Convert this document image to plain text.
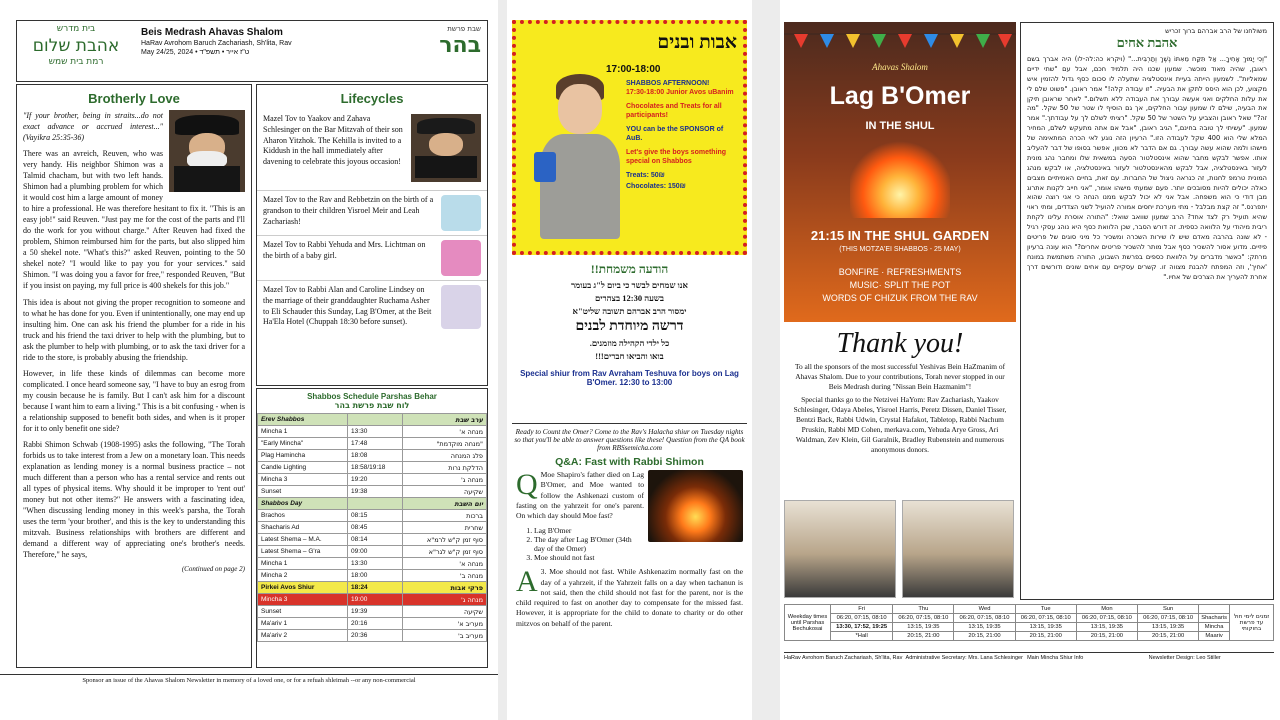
בית מדרש
אהבת שלום
רמת בית שמש
Beis Medrash Ahavas Shalom
HaRav Avrohom Baruch Zachariash, Sh'lita, Rav
May 24/25, 2024 • ט"ז אייר • תשפ"ד
שבת פרשת
בהר
Brotherly Love

"If your brother, being in straits...do not exact advance or accrued interest..." (Vayikra 25:35-36)

There was an avreich, Reuven, who was very handy. His neighbor Shimon was a Talmid chacham, but with two left hands. Shimon had a plumbing problem for which it would cost him a large amount of money to hire a professional. He was therefore hesitant to fix it. "This is an easy job!" said Reuven. "Just pay me for the cost of the parts and I'll do the work for you without charge." After Reuven had fixed the problem, Shimon reimbursed him for the parts, but also slipped him a 50 shekel note. "What's this?" asked Reuven, pointing to the 50 shekel note? "I would like to pay you for your services." said Shimon. "I was doing you a favor for free," responded Reuven, "But if you insist on paying, my full price is 400 shekels for this job."

This idea is about not giving the proper recognition to someone and to what he has done for you. Even if unintentionally, one may end up insulting him. One can ask his friend the plumber for a ride in his truck and his friend the taxi driver to help with the plumbing, but to ask the plumber to help with plumbing, or to ask the taxi driver for a ride to the store, is probably abusing the friendship.

However, in life these kinds of dilemmas can become more complicated. I once heard someone say, "I have to buy an esrog from my cousin because he is family. But I can't ask him for a discount because I want him to earn a living." This is a bit confusing - when is a relationship supposed to benefit both sides, and when is it proper for it to only benefit one side?

Rabbi Shimon Schwab (1908-1995) asks the following, "The Torah forbids us to take interest from a Jew on a monetary loan. This needs explanation as lending money is a normal business practice – not much different than a person who has a rental service and rents out all types of physical items. Why should it be improper to 'rent out' money but not other items?" He answers with a fascinating idea, "When discussing lending money in this week's parsha, the Torah uses the term 'your brother', and this is the key to understanding this mitzvah. Business relationships with brothers are different and demand a different way of appreciating one's brother's needs. Therefore," he says,

(Continued on page 2)

Lifecycles
Mazel Tov to Yaakov and Zahava Schlesinger on the Bar Mitzvah of their son Aharon Yitzhok. The Kehilla is invited to a Kiddush in the hall immediately after davening to celebrate this joyous occasion!
Mazel Tov to the Rav and Rebbetzin on the birth of a grandson to their children Yisroel Meir and Leah Zachariash!
Mazel Tov to Rabbi Yehuda and Mrs. Lichtman on the birth of a baby girl.
Mazel Tov to Rabbi Alan and Caroline Lindsey on the marriage of their granddaughter Ruchama Asher to Eli Schauder this Sunday, Lag B'Omer, at the Beit Ha'Ela Hotel (Chuppah 18:30 before sunset).
Shabbos Schedule Parshas Behar
לוח שבת פרשת בהר
Erev Shabbos		ערב שבת
Mincha 1	13:30	מנחה א'
"Early Mincha"	17:48	"מנחה מוקדמת"
Plag Hamincha	18:08	פלג המנחה
Candle Lighting	18:58/19:18	הדלקת נרות
Mincha 3	19:20	מנחה ג'
Sunset	19:38	שקיעה
Shabbos Day		יום השבת
Brachos	08:15	ברכות
Shacharis Ad	08:45	שחרית
Latest Shema – M.A.	08:14	סוף זמן ק"ש לרמ"א
Latest Shema – G'ra	09:00	סוף זמן ק"ש לגר"א
Mincha 1	13:30	מנחה א'
Mincha 2	18:00	מנחה ב'
Pirkei Avos Shiur	18:24	פרקי אבות
Mincha 3	19:00	מנחה ג'
Sunset	19:39	שקיעה
Ma'ariv 1	20:16	מעריב א'
Ma'ariv 2	20:36	מעריב ב'
Sponsor an issue of the Ahavas Shalom Newsletter in memory of a loved one, or for a refuah shleimah --or any non-commercial
אבות ובנים
17:00-18:00
SHABBOS AFTERNOON!
17:30-18:00 Junior Avos uBanim
Chocolates and Treats for all participants!
YOU can be the SPONSOR of AuB.
Let's give the boys something special on Shabbos
Treats: 50₪
Chocolates: 150₪
הודעה משמחת!!
אנו שמחים לבשר כי ביום ל"ג בעומר
בשעה 12:30 בצהרים
ימסור הרב אברהם תשובה שליט"א
דרשה מיוחדת לבנים
כל ילדי הקהילה מוזמנים.
בואו והביאו חברים!!!
Special shiur from Rav Avraham Teshuva for boys on Lag B'Omer. 12:30 to 13:00
Ready to Count the Omer? Come to the Rav's Halacha shiur on Tuesday nights so that you'll be able to answer questions like these! Question from the QA book from RBSsemicha.com
Q&A: Fast with Rabbi Shimon
Q Moe Shapiro's father died on Lag B'Omer, and Moe wanted to follow the Ashkenazi custom of fasting on the yahrzeit for one's parent. On which day should Moe fast?
1. Lag B'Omer
2. The day after Lag B'Omer (34th day of the Omer)
3. Moe should not fast
A 3. Moe should not fast. While Ashkenazim normally fast on the day of a yahrzeit, if the Yahrzeit falls on a day when tachanun is not said, then the child should not fast for the parent, nor is the child required to fast on another day to compensate for the missed fast. However, it is appropriate for the child to donate to charity or do other mitzvos on behalf of the parent.
Ahavas Shalom
Lag B'Omer
IN THE SHUL
21:15 IN THE SHUL GARDEN
(THIS MOTZA'EI SHABBOS - 25 MAY)
BONFIRE · REFRESHMENTS
MUSIC· SPLIT THE POT
WORDS OF CHIZUK FROM THE RAV
Thank you!
To all the sponsors of the most successful Yeshivas Bein HaZmanim of Ahavas Shalom. Due to your contributions, Torah never stopped in our Beis Medrash during "Nissan Bein Hazmanim"!
Special thanks go to the Netzivei HaYom: Rav Zachariash, Yaakov Schlesinger, Odaya Abeles, Yisroel Harris, Peretz Dissen, Daniel Tisser, Bentzi Back, Rabbi Udwin, Crystal Hafakot, Tabletop, Rabbi Nachum Pruskin, Rabbi MD Cohen, merkava.com, Yehuda Arye Gross, Ari Waldman, Zev Klein, Gil Garalnik, Bradley Rubenstein and numerous anonymous donors.
משולחנו של הרב אברהם ברוך זכריש
אהבת אחים
"וְכִי יָמוּךְ אָחִיךָ... אַל תִּקַּח מֵאִתּוֹ נֶשֶׁךְ וְתַרְבִּית..." (ויקרא כה:לה-לו) היה אברך בשם ראובן, שהיה מאוד מוכשר. שמעון שכנו היה תלמיד חכם, אבל עם "שתי ידיים שמאליות". לשמעון הייתה בעיית אינסטלציה שתעלה לו סכום כסף גדול להזמין איש מקצוע, לכן הוא היסס לתקן את הבעיה. "זו עבודה קלה!" אמר ראובן. "פשוט שלם לי את עלות החלקים ואני אעשה עבורך את העבודה ללא תשלום." לאחר שראובן תיקן את הבעיה, שילם לו שמעון עבור החלקים, אך גם הוסיף לו שטר של 50 שקל. "מה זה?" שאל ראובן והצביע על השטר של 50 שקל. "רציתי לשלם לך על עבודתך." אמר שמעון. "עשיתי לך טובה בחינם," הגיב ראובן, "אבל אם אתה מתעקש לשלם, המחיר המלא שלי הוא 400 שקל לעבודה הזו." הרעיון הזה נוגע לאי הכרה המתאימה של מישהו ולמה שהוא עשה עבורך. גם אם הדבר לא מכוון, אפשר בסופו של דבר להעליב אותו. אפשר לבקש מחבר שהוא אינסטלטור הסעה במשאית שלו ומחבר נהג מונית לעזור באינסטלציה, אבל לבקש מהאינסטלטור לעזור באינסטלציה, או לבקש מנהג המונית טרמפ לחנות, זה כנראה ניצול של החברות. עם זאת, בחיים האמיתיים מצבים כאלה יכולים להיות מסובכים יותר. פעם שמעתי מישהו אומר, "אני חייב לקנות אתרוג מבן דודי כי הוא משפחה. אבל אני לא יכול לבקש ממנו הנחה כי אני רוצה שהוא יתפרנס." זה קצת מבלבל - מתי מערכת יחסים אמורה להועיל לשני הצדדים, ומתי ראוי שהיא תועיל רק לצד אחד? הרב שמעון שוואב שואל: "התורה אוסרת עלינו לקחת ריבית מיהודי על הלוואה כספית. זה דורש הסבר, שכן הלוואת כסף היא נוהג עסקי רגיל - לא שונה בהרבה מאדם שיש לו שירות השכרה ומשכיר כל מיני סוגים של פריטים פיזיים. מדוע אסור להשכיר כסף אבל מותר להשכיר פריטים אחרים?" הוא עונה ברעיון מרתק: "כאשר מדברים על הלוואת כספים בפרשת השבוע, התורה משתמשת במונח 'אחיך', וזה המפתח להבנת מצווה זו. קשרים עסקיים עם אחים שונים ודורשים דרך אחרת להעריך את הצרכים של אחיו."
Weekday times until Parshas Bechukosai	Fri	Thu	Wed	Tue	Mon	Sun		זמנים לימי חול עד פרשת בחוקותי
	06:20, 07:15, 08:10	06:20, 07:15, 08:10	06:20, 07:15, 08:10	06:20, 07:15, 08:10	06:20, 07:15, 08:10	06:20, 07:15, 08:10	Shacharis	
	13:30, 17:52, 19:25	13:15, 19:35	13:15, 19:35	13:15, 19:35	13:15, 19:35	13:15, 19:35	Mincha	
	*Hall	20:15, 21:00	20:15, 21:00	20:15, 21:00	20:15, 21:00	20:15, 21:00	Maariv	
HaRav Avrohom Baruch Zachariash, Sh'lita, Rav Administrative Secretary: Mrs. Lana Schlesinger Main Mincha Shiur Info	Newsletter Design: Leo Stiller
